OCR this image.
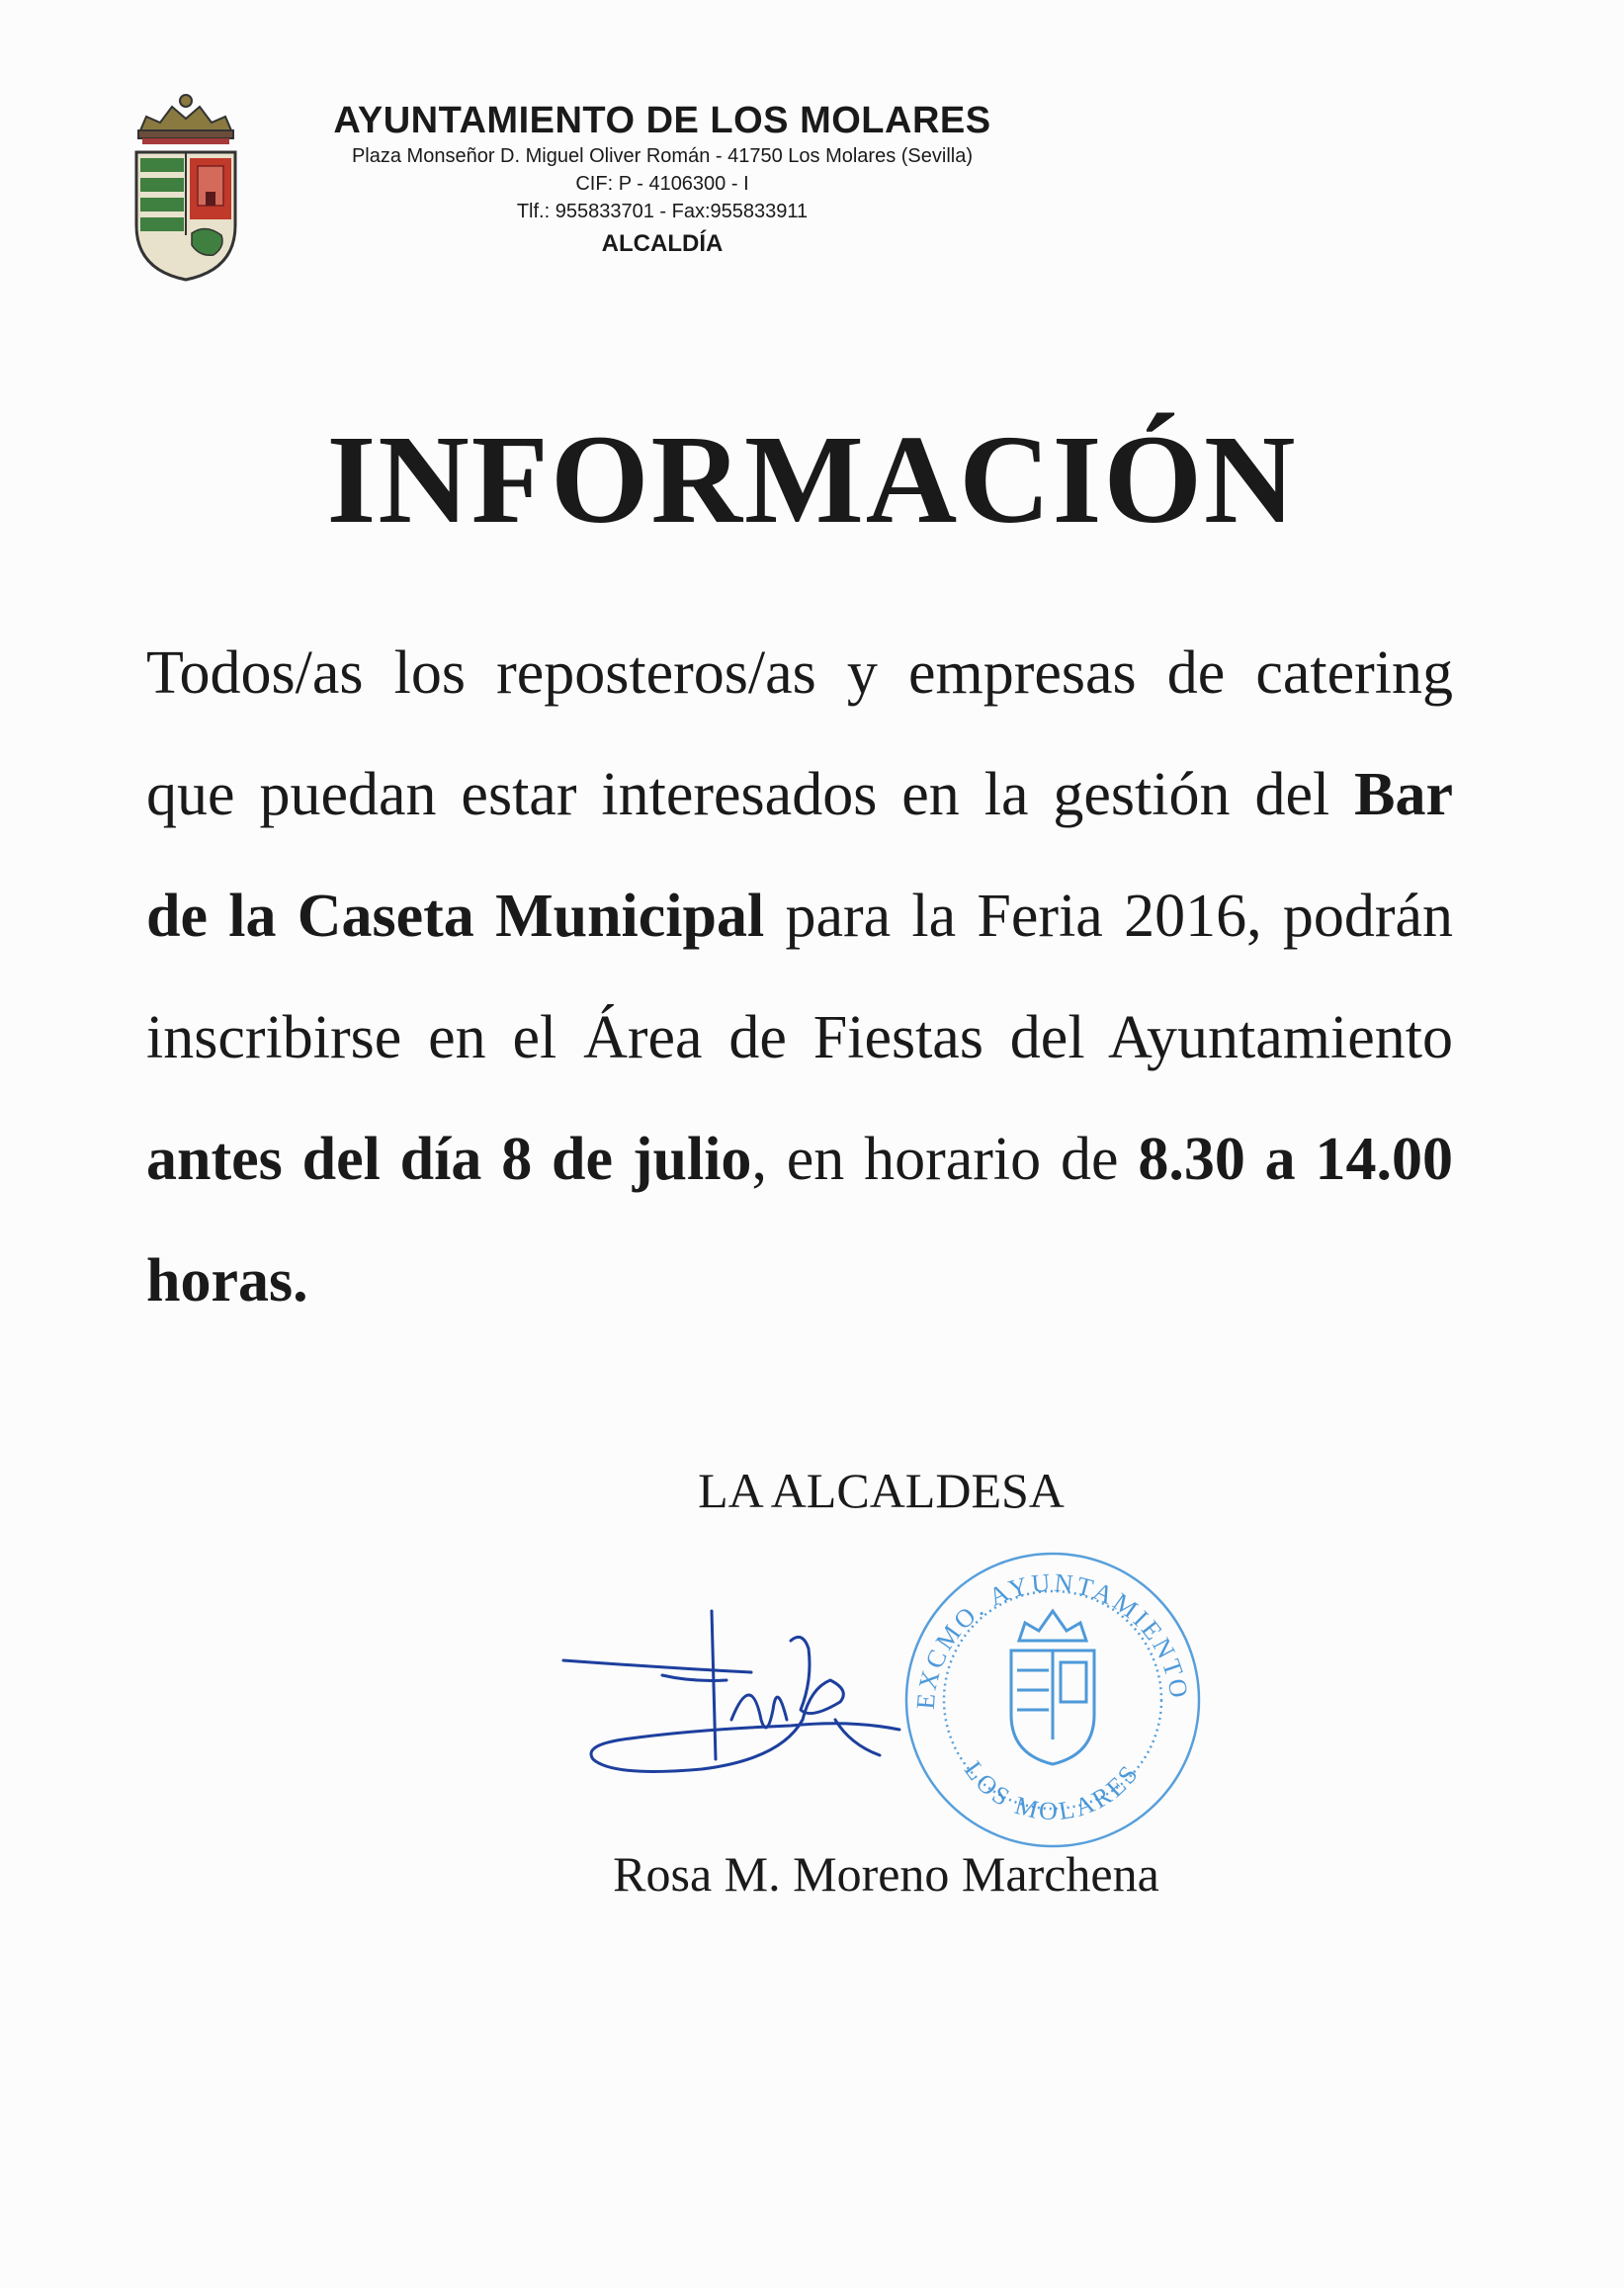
AYUNTAMIENTO DE LOS MOLARES
Plaza Monseñor D. Miguel Oliver Román - 41750 Los Molares (Sevilla)
CIF: P - 4106300 - I
Tlf.: 955833701 - Fax:955833911
ALCALDÍA
INFORMACIÓN
Todos/as los reposteros/as y empresas de catering que puedan estar interesados en la gestión del Bar de la Caseta Municipal para la Feria 2016, podrán inscribirse en el Área de Fiestas del Ayuntamiento antes del día 8 de julio, en horario de 8.30 a 14.00 horas.
LA ALCALDESA
EXCMO. AYUNTAMIENTO
LOS MOLARES
Rosa M. Moreno Marchena
